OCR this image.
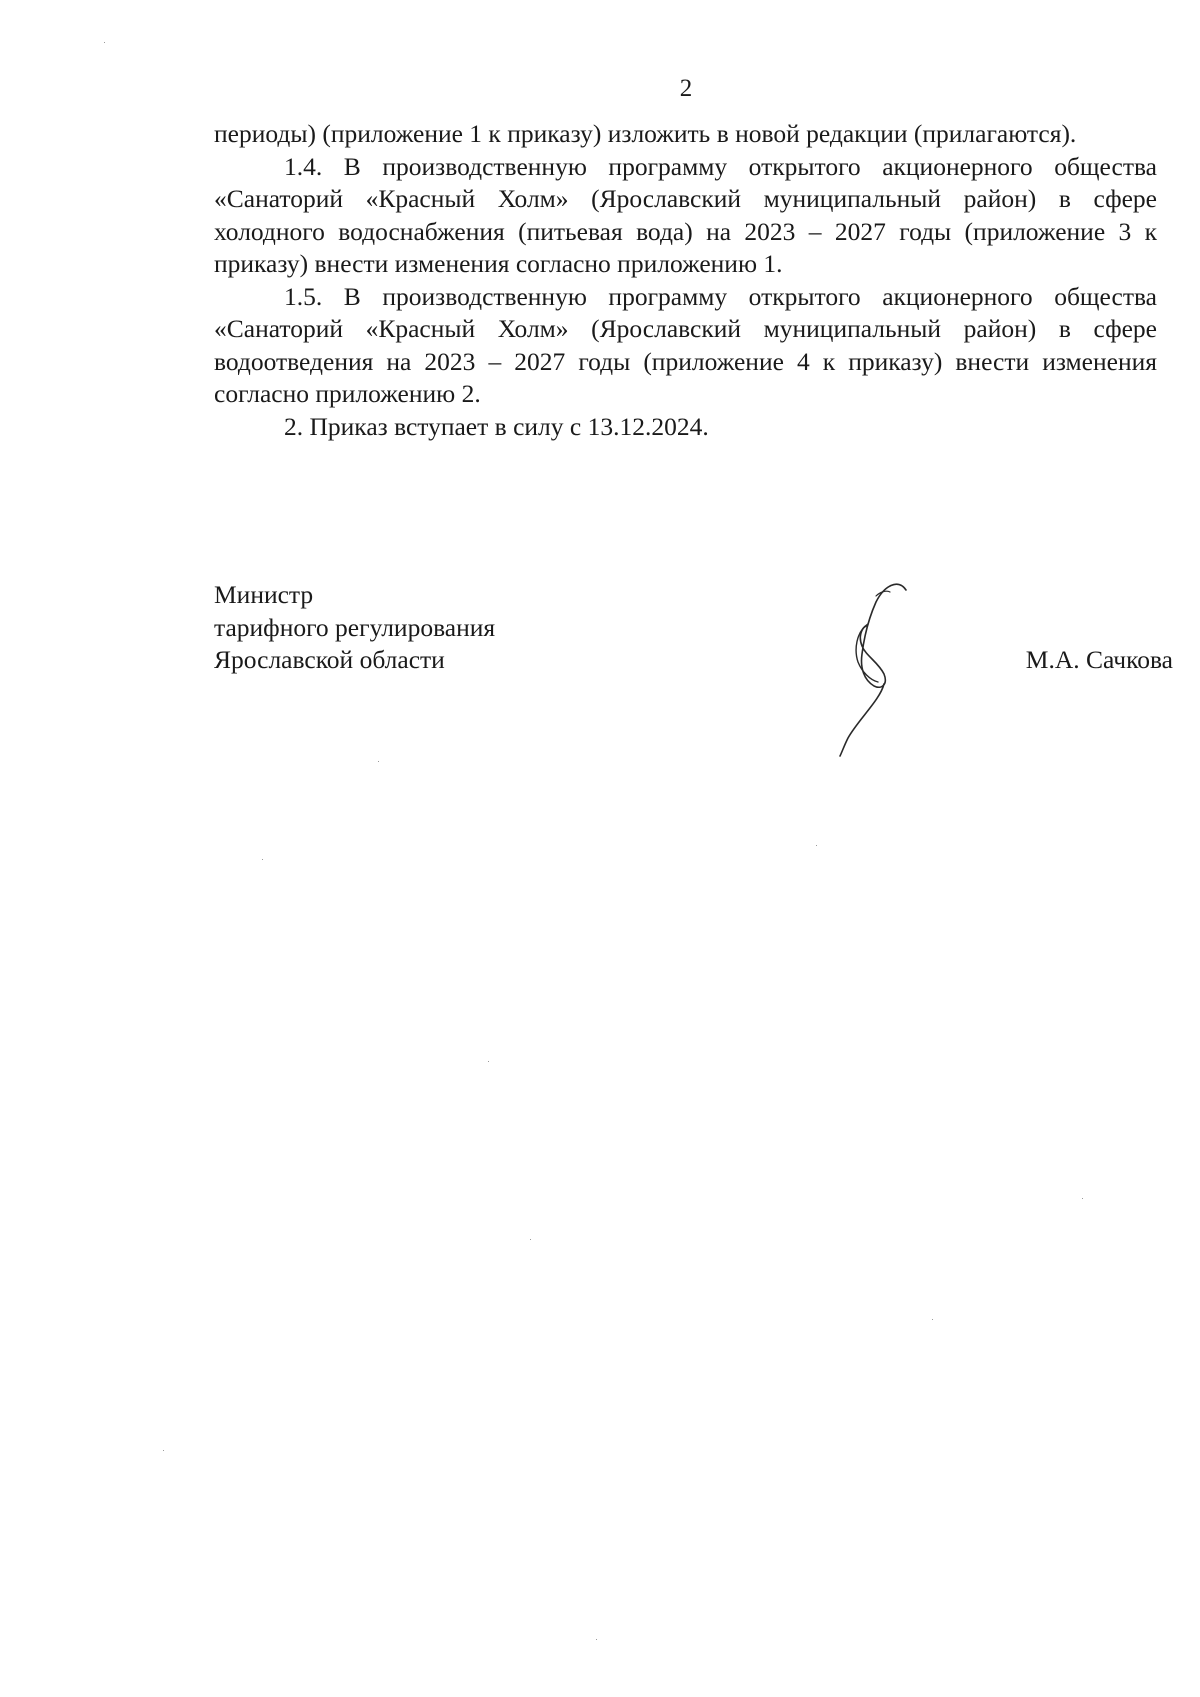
2

периоды) (приложение 1 к приказу) изложить в новой редакции (прилагаются).

1.4. В производственную программу открытого акционерного общества «Санаторий «Красный Холм» (Ярославский муниципальный район) в сфере холодного водоснабжения (питьевая вода) на 2023 – 2027 годы (приложение 3 к приказу) внести изменения согласно приложению 1.

1.5. В производственную программу открытого акционерного общества «Санаторий «Красный Холм» (Ярославский муниципальный район) в сфере водоотведения на 2023 – 2027 годы (приложение 4 к приказу) внести изменения согласно приложению 2.

2. Приказ вступает в силу с 13.12.2024.

Министр
тарифного регулирования
Ярославской области	М.А. Сачкова
